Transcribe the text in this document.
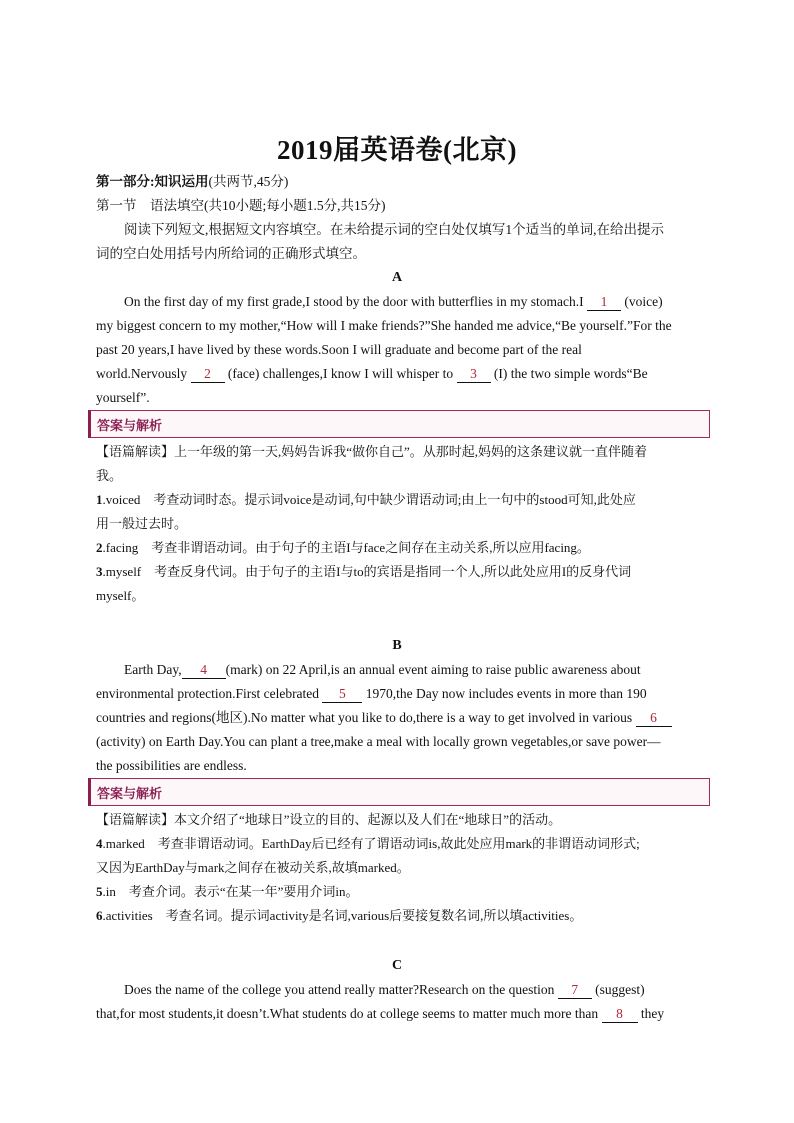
2019届英语卷(北京)
第一部分:知识运用(共两节,45分)
第一节　 语法填空(共10小题;每小题1.5分,共15分)
阅读下列短文,根据短文内容填空。在未给提示词的空白处仅填写1个适当的单词,在给出提示
词的空白处用括号内所给词的正确形式填空。
A
On the first day of my first grade,I stood by the door with butterflies in my stomach.I 1 (voice)
my biggest concern to my mother,“How will I make friends?”She handed me advice,“Be yourself.”For the
past 20 years,I have lived by these words.Soon I will graduate and become part of the real
world.Nervously 2 (face) challenges,I know I will whisper to 3 (I) the two simple words“Be
yourself”.
答案与解析
【语篇解读】上一年级的第一天,妈妈告诉我“做你自己”。从那时起,妈妈的这条建议就一直伴随着
我。
1.voiced　考查动词时态。提示词voice是动词,句中缺少谓语动词;由上一句中的stood可知,此处应
用一般过去时。
2.facing　考查非谓语动词。由于句子的主语I与face之间存在主动关系,所以应用facing。
3.myself　考查反身代词。由于句子的主语I与to的宾语是指同一个人,所以此处应用I的反身代词
myself。
B
Earth Day, 4 (mark) on 22 April,is an annual event aiming to raise public awareness about
environmental protection.First celebrated 5 1970,the Day now includes events in more than 190
countries and regions(地区).No matter what you like to do,there is a way to get involved in various 6
(activity) on Earth Day.You can plant a tree,make a meal with locally grown vegetables,or save power—
the possibilities are endless.
答案与解析
【语篇解读】本文介绍了“地球日”设立的目的、起源以及人们在“地球日”的活动。
4.marked　考查非谓语动词。EarthDay后已经有了谓语动词is,故此处应用mark的非谓语动词形式;
又因为EarthDay与mark之间存在被动关系,故填marked。
5.in　考查介词。表示“在某一年”要用介词in。
6.activities　考查名词。提示词activity是名词,various后要接复数名词,所以填activities。
C
Does the name of the college you attend really matter?Research on the question 7 (suggest)
that,for most students,it doesn’t.What students do at college seems to matter much more than 8 they
